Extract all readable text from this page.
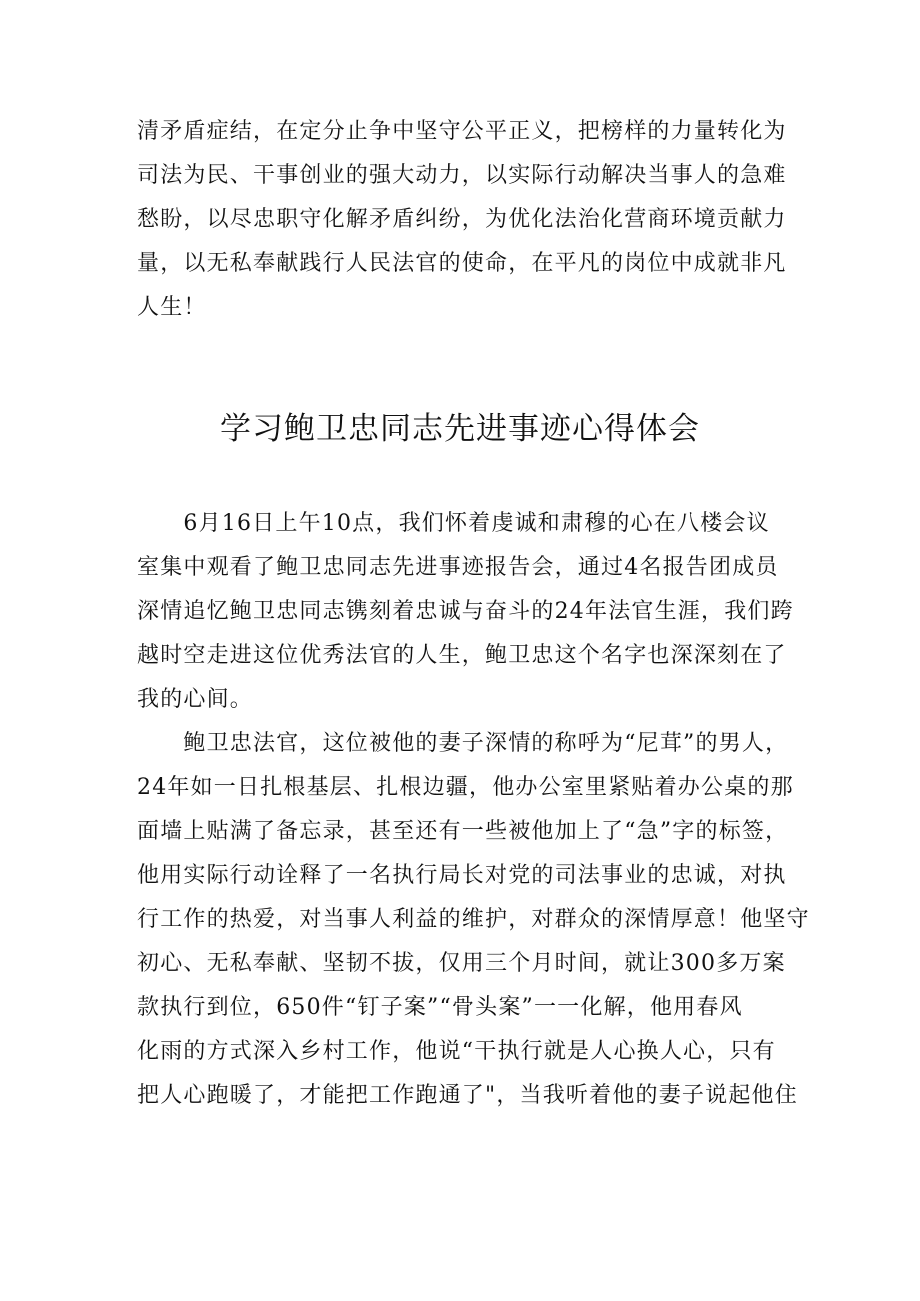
清矛盾症结，在定分止争中坚守公平正义，把榜样的力量转化为
司法为民、干事创业的强大动力，以实际行动解决当事人的急难
愁盼，以尽忠职守化解矛盾纠纷，为优化法治化营商环境贡献力
量，以无私奉献践行人民法官的使命，在平凡的岗位中成就非凡
人生！
学习鲍卫忠同志先进事迹心得体会
　　6月16日上午10点，我们怀着虔诚和肃穆的心在八楼会议
室集中观看了鲍卫忠同志先进事迹报告会，通过4名报告团成员
深情追忆鲍卫忠同志镌刻着忠诚与奋斗的24年法官生涯，我们跨
越时空走进这位优秀法官的人生，鲍卫忠这个名字也深深刻在了
我的心间。
　　鲍卫忠法官，这位被他的妻子深情的称呼为“尼茸”的男人，
24年如一日扎根基层、扎根边疆，他办公室里紧贴着办公桌的那
面墙上贴满了备忘录，甚至还有一些被他加上了“急”字的标签，
他用实际行动诠释了一名执行局长对党的司法事业的忠诚，对执
行工作的热爱，对当事人利益的维护，对群众的深情厚意！他坚守
初心、无私奉献、坚韧不拔，仅用三个月时间，就让300多万案
款执行到位，650件“钉子案”“骨头案”一一化解，他用春风
化雨的方式深入乡村工作，他说“干执行就是人心换人心，只有
把人心跑暖了，才能把工作跑通了"，当我听着他的妻子说起他住
